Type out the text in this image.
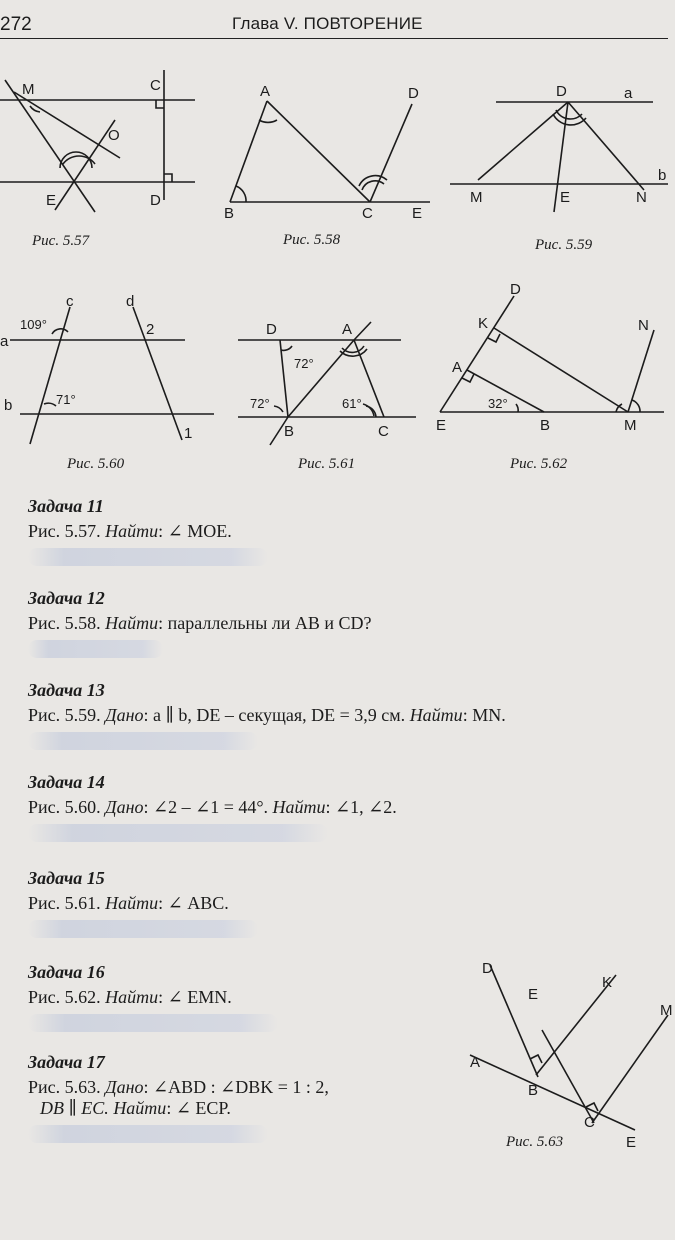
272	Глава V. ПОВТОРЕНИЕ
M	C
O
E	D
Рис. 5.57
A	D
B	C	E
Рис. 5.58
D	a
b
M	E	N
Рис. 5.59
c	d
a
b
2
1
109°
71°
Рис. 5.60
D	A
B	C
72°
72°	61°
Рис. 5.61
D
K	N
A
E	B	M
32°
Рис. 5.62
D
E
K
M
A
B
C
E
Рис. 5.63
Задача 11
Рис. 5.57. Найти: ∠ MOE.
Задача 12
Рис. 5.58. Найти: параллельны ли AB и CD?
Задача 13
Рис. 5.59. Дано: a ∥ b, DE – секущая, DE = 3,9 см. Найти: MN.
Задача 14
Рис. 5.60. Дано: ∠2 – ∠1 = 44°. Найти: ∠1, ∠2.
Задача 15
Рис. 5.61. Найти: ∠ ABC.
Задача 16
Рис. 5.62. Найти: ∠ EMN.
Задача 17
Рис. 5.63. Дано: ∠ABD : ∠DBK = 1 : 2,
DB ∥ EC. Найти: ∠ ECP.
